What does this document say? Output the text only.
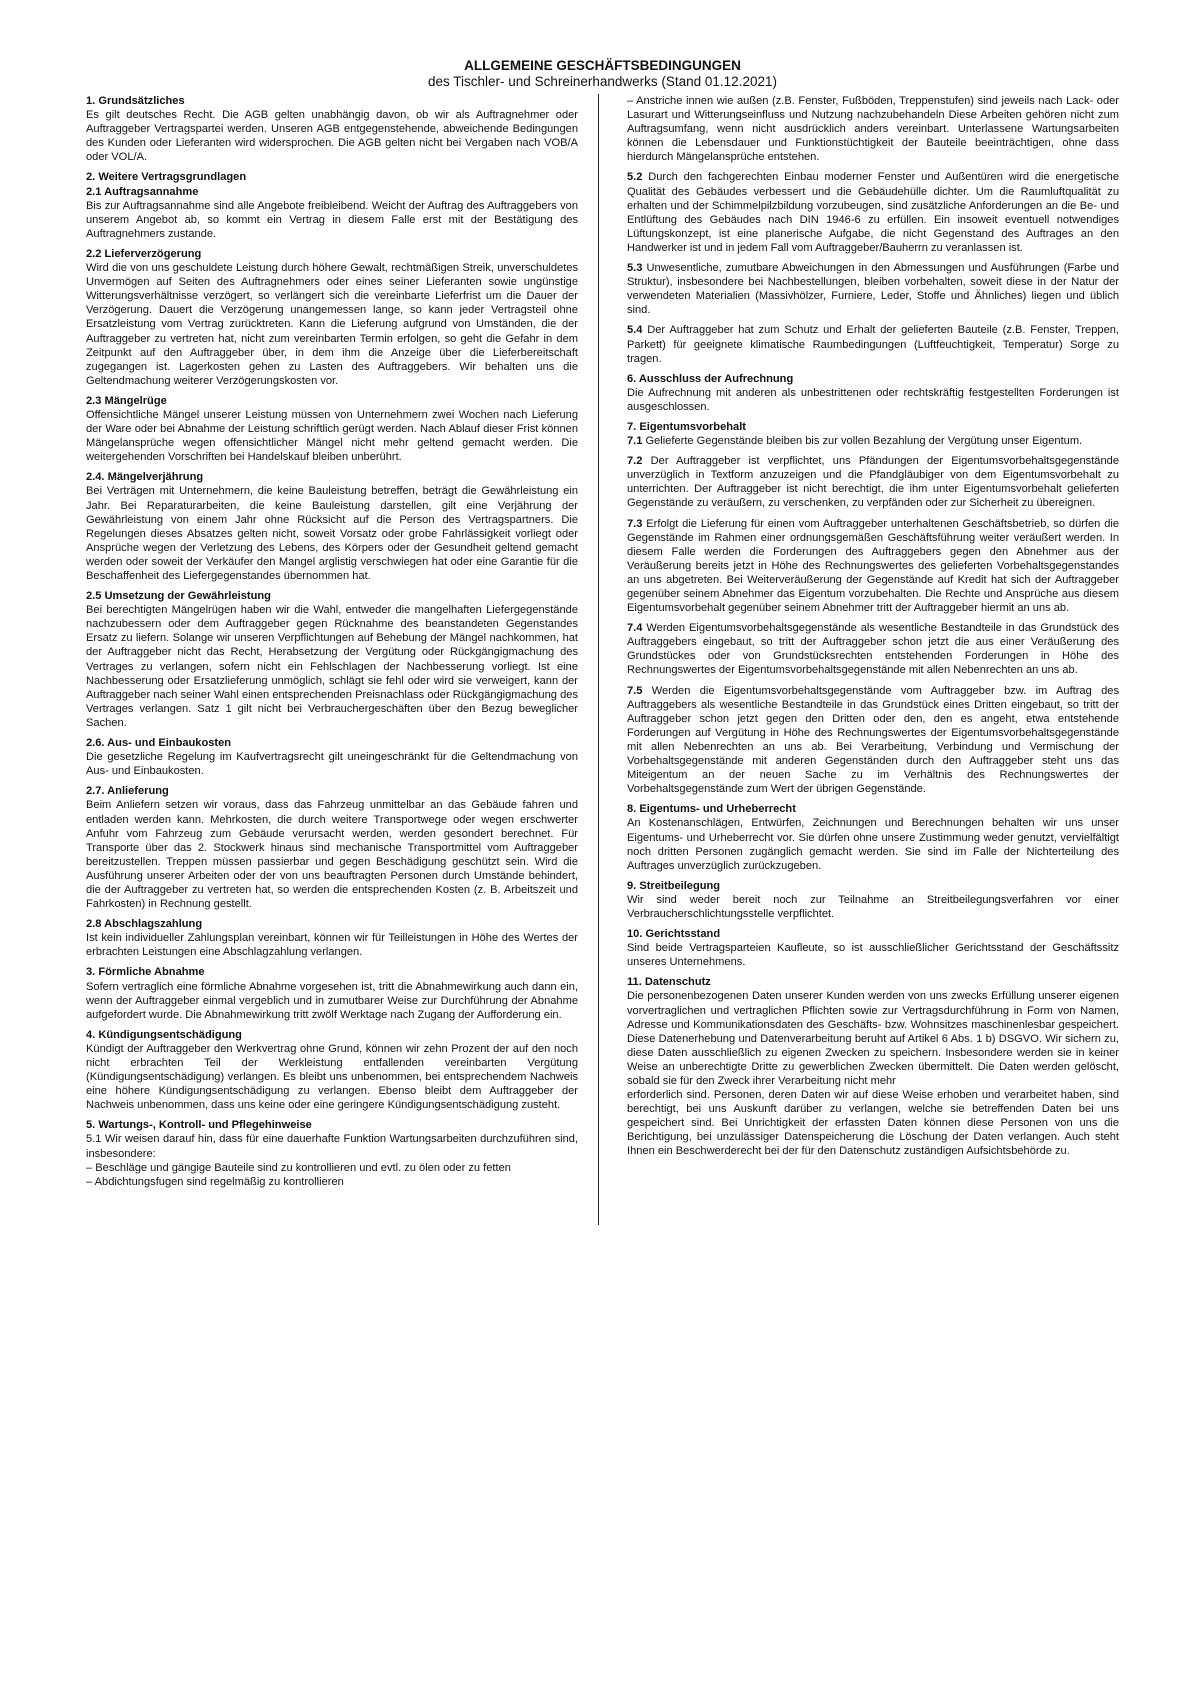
ALLGEMEINE GESCHÄFTSBEDINGUNGEN

des Tischler- und Schreinerhandwerks (Stand 01.12.2021)

1. Grundsätzliches

Es gilt deutsches Recht. Die AGB gelten unabhängig davon, ob wir als Auftragnehmer oder Auftraggeber Vertragspartei werden. Unseren AGB entgegenstehende, abweichende Bedingungen des Kunden oder Lieferanten wird widersprochen. Die AGB gelten nicht bei Vergaben nach VOB/A oder VOL/A.

2. Weitere Vertragsgrundlagen

2.1 Auftragsannahme

Bis zur Auftragsannahme sind alle Angebote freibleibend. Weicht der Auftrag des Auftraggebers von unserem Angebot ab, so kommt ein Vertrag in diesem Falle erst mit der Bestätigung des Auftragnehmers zustande.

2.2 Lieferverzögerung

Wird die von uns geschuldete Leistung durch höhere Gewalt, rechtmäßigen Streik, unverschuldetes Unvermögen auf Seiten des Auftragnehmers oder eines seiner Lieferanten sowie ungünstige Witterungsverhältnisse verzögert, so verlängert sich die vereinbarte Lieferfrist um die Dauer der Verzögerung. Dauert die Verzögerung unangemessen lange, so kann jeder Vertragsteil ohne Ersatzleistung vom Vertrag zurücktreten. Kann die Lieferung aufgrund von Umständen, die der Auftraggeber zu vertreten hat, nicht zum vereinbarten Termin erfolgen, so geht die Gefahr in dem Zeitpunkt auf den Auftraggeber über, in dem ihm die Anzeige über die Lieferbereitschaft zugegangen ist. Lagerkosten gehen zu Lasten des Auftraggebers. Wir behalten uns die Geltendmachung weiterer Verzögerungskosten vor.

2.3 Mängelrüge

Offensichtliche Mängel unserer Leistung müssen von Unternehmern zwei Wochen nach Lieferung der Ware oder bei Abnahme der Leistung schriftlich gerügt werden. Nach Ablauf dieser Frist können Mängelansprüche wegen offensichtlicher Mängel nicht mehr geltend gemacht werden. Die weitergehenden Vorschriften bei Handelskauf bleiben unberührt.

2.4. Mängelverjährung

Bei Verträgen mit Unternehmern, die keine Bauleistung betreffen, beträgt die Gewährleistung ein Jahr. Bei Reparaturarbeiten, die keine Bauleistung darstellen, gilt eine Verjährung der Gewährleistung von einem Jahr ohne Rücksicht auf die Person des Vertragspartners. Die Regelungen dieses Absatzes gelten nicht, soweit Vorsatz oder grobe Fahrlässigkeit vorliegt oder Ansprüche wegen der Verletzung des Lebens, des Körpers oder der Gesundheit geltend gemacht werden oder soweit der Verkäufer den Mangel arglistig verschwiegen hat oder eine Garantie für die Beschaffenheit des Liefergegenstandes übernommen hat.

2.5 Umsetzung der Gewährleistung

Bei berechtigten Mängelrügen haben wir die Wahl, entweder die mangelhaften Liefergegenstände nachzubessern oder dem Auftraggeber gegen Rücknahme des beanstandeten Gegenstandes Ersatz zu liefern. Solange wir unseren Verpflichtungen auf Behebung der Mängel nachkommen, hat der Auftraggeber nicht das Recht, Herabsetzung der Vergütung oder Rückgängigmachung des Vertrages zu verlangen, sofern nicht ein Fehlschlagen der Nachbesserung vorliegt. Ist eine Nachbesserung oder Ersatzlieferung unmöglich, schlägt sie fehl oder wird sie verweigert, kann der Auftraggeber nach seiner Wahl einen entsprechenden Preisnachlass oder Rückgängigmachung des Vertrages verlangen. Satz 1 gilt nicht bei Verbrauchergeschäften über den Bezug beweglicher Sachen.

2.6. Aus- und Einbaukosten

Die gesetzliche Regelung im Kaufvertragsrecht gilt uneingeschränkt für die Geltendmachung von Aus- und Einbaukosten.

2.7. Anlieferung

Beim Anliefern setzen wir voraus, dass das Fahrzeug unmittelbar an das Gebäude fahren und entladen werden kann. Mehrkosten, die durch weitere Transportwege oder wegen erschwerter Anfuhr vom Fahrzeug zum Gebäude verursacht werden, werden gesondert berechnet. Für Transporte über das 2. Stockwerk hinaus sind mechanische Transportmittel vom Auftraggeber bereitzustellen. Treppen müssen passierbar und gegen Beschädigung geschützt sein. Wird die Ausführung unserer Arbeiten oder der von uns beauftragten Personen durch Umstände behindert, die der Auftraggeber zu vertreten hat, so werden die entsprechenden Kosten (z. B. Arbeitszeit und Fahrkosten) in Rechnung gestellt.

2.8 Abschlagszahlung

Ist kein individueller Zahlungsplan vereinbart, können wir für Teilleistungen in Höhe des Wertes der erbrachten Leistungen eine Abschlagzahlung verlangen.

3. Förmliche Abnahme

Sofern vertraglich eine förmliche Abnahme vorgesehen ist, tritt die Abnahmewirkung auch dann ein, wenn der Auftraggeber einmal vergeblich und in zumutbarer Weise zur Durchführung der Abnahme aufgefordert wurde. Die Abnahmewirkung tritt zwölf Werktage nach Zugang der Aufforderung ein.

4. Kündigungsentschädigung

Kündigt der Auftraggeber den Werkvertrag ohne Grund, können wir zehn Prozent der auf den noch nicht erbrachten Teil der Werkleistung entfallenden vereinbarten Vergütung (Kündigungsentschädigung) verlangen. Es bleibt uns unbenommen, bei entsprechendem Nachweis eine höhere Kündigungsentschädigung zu verlangen. Ebenso bleibt dem Auftraggeber der Nachweis unbenommen, dass uns keine oder eine geringere Kündigungsentschädigung zusteht.

5. Wartungs-, Kontroll- und Pflegehinweise

5.1 Wir weisen darauf hin, dass für eine dauerhafte Funktion Wartungsarbeiten durchzuführen sind, insbesondere:

– Beschläge und gängige Bauteile sind zu kontrollieren und evtl. zu ölen oder zu fetten

– Abdichtungsfugen sind regelmäßig zu kontrollieren

– Anstriche innen wie außen (z.B. Fenster, Fußböden, Treppenstufen) sind jeweils nach Lack- oder Lasurart und Witterungseinfluss und Nutzung nachzubehandeln Diese Arbeiten gehören nicht zum Auftragsumfang, wenn nicht ausdrücklich anders vereinbart. Unterlassene Wartungsarbeiten können die Lebensdauer und Funktionstüchtigkeit der Bauteile beeinträchtigen, ohne dass hierdurch Mängelansprüche entstehen.

5.2 Durch den fachgerechten Einbau moderner Fenster und Außentüren wird die energetische Qualität des Gebäudes verbessert und die Gebäudehülle dichter. Um die Raumluftqualität zu erhalten und der Schimmelpilzbildung vorzubeugen, sind zusätzliche Anforderungen an die Be- und Entlüftung des Gebäudes nach DIN 1946-6 zu erfüllen. Ein insoweit eventuell notwendiges Lüftungskonzept, ist eine planerische Aufgabe, die nicht Gegenstand des Auftrages an den Handwerker ist und in jedem Fall vom Auftraggeber/Bauherrn zu veranlassen ist.

5.3 Unwesentliche, zumutbare Abweichungen in den Abmessungen und Ausführungen (Farbe und Struktur), insbesondere bei Nachbestellungen, bleiben vorbehalten, soweit diese in der Natur der verwendeten Materialien (Massivhölzer, Furniere, Leder, Stoffe und Ähnliches) liegen und üblich sind.

5.4 Der Auftraggeber hat zum Schutz und Erhalt der gelieferten Bauteile (z.B. Fenster, Treppen, Parkett) für geeignete klimatische Raumbedingungen (Luftfeuchtigkeit, Temperatur) Sorge zu tragen.

6. Ausschluss der Aufrechnung

Die Aufrechnung mit anderen als unbestrittenen oder rechtskräftig festgestellten Forderungen ist ausgeschlossen.

7. Eigentumsvorbehalt

7.1 Gelieferte Gegenstände bleiben bis zur vollen Bezahlung der Vergütung unser Eigentum.

7.2 Der Auftraggeber ist verpflichtet, uns Pfändungen der Eigentumsvorbehaltsgegenstände unverzüglich in Textform anzuzeigen und die Pfandgläubiger von dem Eigentumsvorbehalt zu unterrichten. Der Auftraggeber ist nicht berechtigt, die ihm unter Eigentumsvorbehalt gelieferten Gegenstände zu veräußern, zu verschenken, zu verpfänden oder zur Sicherheit zu übereignen.

7.3 Erfolgt die Lieferung für einen vom Auftraggeber unterhaltenen Geschäftsbetrieb, so dürfen die Gegenstände im Rahmen einer ordnungsgemäßen Geschäftsführung weiter veräußert werden. In diesem Falle werden die Forderungen des Auftraggebers gegen den Abnehmer aus der Veräußerung bereits jetzt in Höhe des Rechnungswertes des gelieferten Vorbehaltsgegenstandes an uns abgetreten. Bei Weiterveräußerung der Gegenstände auf Kredit hat sich der Auftraggeber gegenüber seinem Abnehmer das Eigentum vorzubehalten. Die Rechte und Ansprüche aus diesem Eigentumsvorbehalt gegenüber seinem Abnehmer tritt der Auftraggeber hiermit an uns ab.

7.4 Werden Eigentumsvorbehaltsgegenstände als wesentliche Bestandteile in das Grundstück des Auftraggebers eingebaut, so tritt der Auftraggeber schon jetzt die aus einer Veräußerung des Grundstückes oder von Grundstücksrechten entstehenden Forderungen in Höhe des Rechnungswertes der Eigentumsvorbehaltsgegenstände mit allen Nebenrechten an uns ab.

7.5 Werden die Eigentumsvorbehaltsgegenstände vom Auftraggeber bzw. im Auftrag des Auftraggebers als wesentliche Bestandteile in das Grundstück eines Dritten eingebaut, so tritt der Auftraggeber schon jetzt gegen den Dritten oder den, den es angeht, etwa entstehende Forderungen auf Vergütung in Höhe des Rechnungswertes der Eigentumsvorbehaltsgegenstände mit allen Nebenrechten an uns ab. Bei Verarbeitung, Verbindung und Vermischung der Vorbehaltsgegenstände mit anderen Gegenständen durch den Auftraggeber steht uns das Miteigentum an der neuen Sache zu im Verhältnis des Rechnungswertes der Vorbehaltsgegenstände zum Wert der übrigen Gegenstände.

8. Eigentums- und Urheberrecht

An Kostenanschlägen, Entwürfen, Zeichnungen und Berechnungen behalten wir uns unser Eigentums- und Urheberrecht vor. Sie dürfen ohne unsere Zustimmung weder genutzt, vervielfältigt noch dritten Personen zugänglich gemacht werden. Sie sind im Falle der Nichterteilung des Auftrages unverzüglich zurückzugeben.

9. Streitbeilegung

Wir sind weder bereit noch zur Teilnahme an Streitbeilegungsverfahren vor einer Verbraucherschlichtungsstelle verpflichtet.

10. Gerichtsstand

Sind beide Vertragsparteien Kaufleute, so ist ausschließlicher Gerichtsstand der Geschäftssitz unseres Unternehmens.

11. Datenschutz

Die personenbezogenen Daten unserer Kunden werden von uns zwecks Erfüllung unserer eigenen vorvertraglichen und vertraglichen Pflichten sowie zur Vertragsdurchführung in Form von Namen, Adresse und Kommunikationsdaten des Geschäfts- bzw. Wohnsitzes maschinenlesbar gespeichert. Diese Datenerhebung und Datenverarbeitung beruht auf Artikel 6 Abs. 1 b) DSGVO. Wir sichern zu, diese Daten ausschließlich zu eigenen Zwecken zu speichern. Insbesondere werden sie in keiner Weise an unberechtigte Dritte zu gewerblichen Zwecken übermittelt. Die Daten werden gelöscht, sobald sie für den Zweck ihrer Verarbeitung nicht mehr

erforderlich sind. Personen, deren Daten wir auf diese Weise erhoben und verarbeitet haben, sind berechtigt, bei uns Auskunft darüber zu verlangen, welche sie betreffenden Daten bei uns gespeichert sind. Bei Unrichtigkeit der erfassten Daten können diese Personen von uns die Berichtigung, bei unzulässiger Datenspeicherung die Löschung der Daten verlangen. Auch steht Ihnen ein Beschwerderecht bei der für den Datenschutz zuständigen Aufsichtsbehörde zu.
